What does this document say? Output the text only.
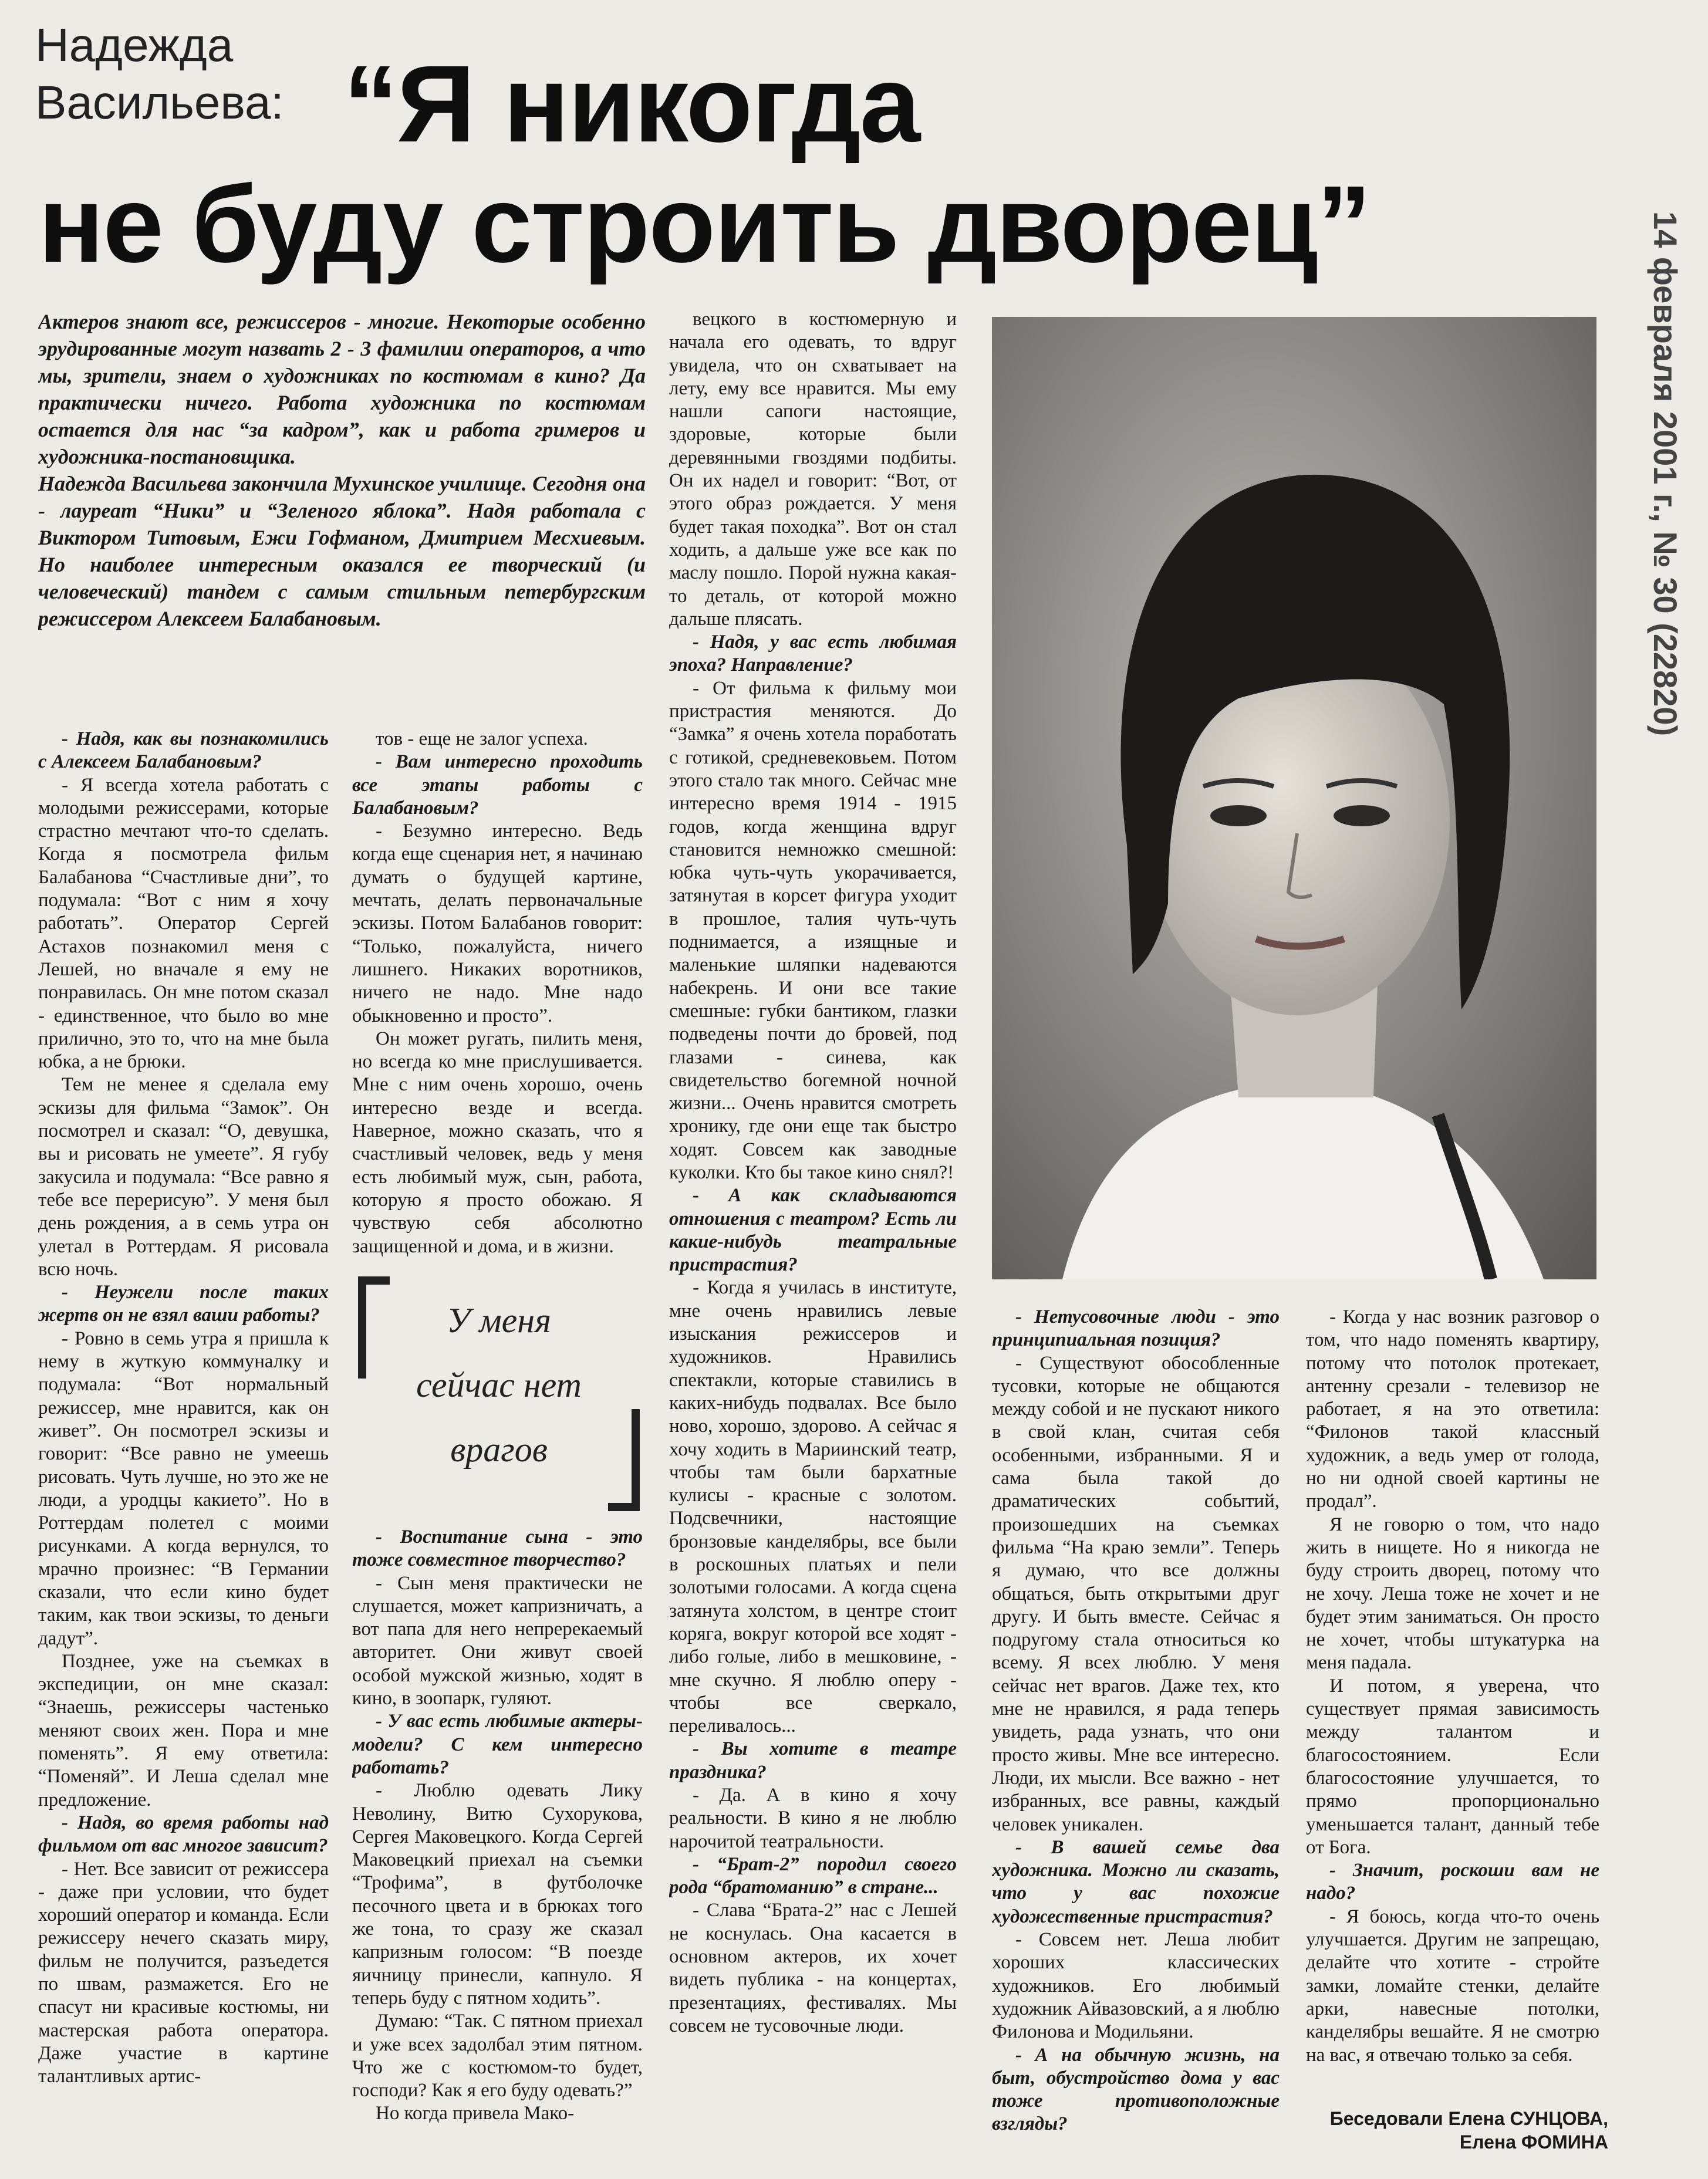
Надежда Васильева: “Я никогда
не буду строить дворец”	14 февраля 2001 г., № 30 (22820)

Актеров знают все, режиссеров - многие. Некоторые особенно эрудированные могут назвать 2 - 3 фамилии операторов, а что мы, зрители, знаем о художниках по костюмам в кино? Да практически ничего. Работа художника по костюмам остается для нас “за кадром”, как и работа гримеров и художника-постановщика.

Надежда Васильева закончила Мухинское училище. Сегодня она - лауреат “Ники” и “Зеленого яблока”. Надя работала с Виктором Титовым, Ежи Гофманом, Дмитрием Месхиевым. Но наиболее интересным оказался ее творческий (и человеческий) тандем с самым стильным петербургским режиссером Алексеем Балабановым.

- Надя, как вы познакомились с Алексеем Балабановым?

- Я всегда хотела работать с молодыми режиссерами, которые страстно мечтают что-то сделать. Когда я посмотрела фильм Балабанова “Счастливые дни”, то подумала: “Вот с ним я хочу работать”. Оператор Сергей Астахов познакомил меня с Лешей, но вначале я ему не понравилась. Он мне потом сказал - единственное, что было во мне прилично, это то, что на мне была юбка, а не брюки.

Тем не менее я сделала ему эскизы для фильма “Замок”. Он посмотрел и сказал: “О, девушка, вы и рисовать не умеете”. Я губу закусила и подумала: “Все равно я тебе все перерисую”. У меня был день рождения, а в семь утра он улетал в Роттердам. Я рисовала всю ночь.

- Неужели после таких жертв он не взял ваши работы?

- Ровно в семь утра я пришла к нему в жуткую коммуналку и подумала: “Вот нормальный режиссер, мне нравится, как он живет”. Он посмотрел эскизы и говорит: “Все равно не умеешь рисовать. Чуть лучше, но это же не люди, а уродцы какието”. Но в Роттердам полетел с моими рисунками. А когда вернулся, то мрачно произнес: “В Германии сказали, что если кино будет таким, как твои эскизы, то деньги дадут”.

Позднее, уже на съемках в экспедиции, он мне сказал: “Знаешь, режиссеры частенько меняют своих жен. Пора и мне поменять”. Я ему ответила: “Поменяй”. И Леша сделал мне предложение.

- Надя, во время работы над фильмом от вас многое зависит?

- Нет. Все зависит от режиссера - даже при условии, что будет хороший оператор и команда. Если режиссеру нечего сказать миру, фильм не получится, разъедется по швам, размажется. Его не спасут ни красивые костюмы, ни мастерская работа оператора. Даже участие в картине талантливых артис-

тов - еще не залог успеха.

- Вам интересно проходить все этапы работы с Балабановым?

- Безумно интересно. Ведь когда еще сценария нет, я начинаю думать о будущей картине, мечтать, делать первоначальные эскизы. Потом Балабанов говорит: “Только, пожалуйста, ничего лишнего. Никаких воротников, ничего не надо. Мне надо обыкновенно и просто”.

Он может ругать, пилить меня, но всегда ко мне прислушивается. Мне с ним очень хорошо, очень интересно везде и всегда. Наверное, можно сказать, что я счастливый человек, ведь у меня есть любимый муж, сын, работа, которую я просто обожаю. Я чувствую себя абсолютно защищенной и дома, и в жизни.

У меня
сейчас нет
врагов

- Воспитание сына - это тоже совместное творчество?

- Сын меня практически не слушается, может капризничать, а вот папа для него непререкаемый авторитет. Они живут своей особой мужской жизнью, ходят в кино, в зоопарк, гуляют.

- У вас есть любимые актеры-модели? С кем интересно работать?

- Люблю одевать Лику Неволину, Витю Сухорукова, Сергея Маковецкого. Когда Сергей Маковецкий приехал на съемки “Трофима”, в футболочке песочного цвета и в брюках того же тона, то сразу же сказал капризным голосом: “В поезде яичницу принесли, капнуло. Я теперь буду с пятном ходить”.

Думаю: “Так. С пятном приехал и уже всех задолбал этим пятном. Что же с костюмом-то будет, господи? Как я его буду одевать?”

Но когда привела Мако-

вецкого в костюмерную и начала его одевать, то вдруг увидела, что он схватывает на лету, ему все нравится. Мы ему нашли сапоги настоящие, здоровые, которые были деревянными гвоздями подбиты. Он их надел и говорит: “Вот, от этого образ рождается. У меня будет такая походка”. Вот он стал ходить, а дальше уже все как по маслу пошло. Порой нужна какая-то деталь, от которой можно дальше плясать.

- Надя, у вас есть любимая эпоха? Направление?

- От фильма к фильму мои пристрастия меняются. До “Замка” я очень хотела поработать с готикой, средневековьем. Потом этого стало так много. Сейчас мне интересно время 1914 - 1915 годов, когда женщина вдруг становится немножко смешной: юбка чуть-чуть укорачивается, затянутая в корсет фигура уходит в прошлое, талия чуть-чуть поднимается, а изящные и маленькие шляпки надеваются набекрень. И они все такие смешные: губки бантиком, глазки подведены почти до бровей, под глазами - синева, как свидетельство богемной ночной жизни... Очень нравится смотреть хронику, где они еще так быстро ходят. Совсем как заводные куколки. Кто бы такое кино снял?!

- А как складываются отношения с театром? Есть ли какие-нибудь театральные пристрастия?

- Когда я училась в институте, мне очень нравились левые изыскания режиссеров и художников. Нравились спектакли, которые ставились в каких-нибудь подвалах. Все было ново, хорошо, здорово. А сейчас я хочу ходить в Мариинский театр, чтобы там были бархатные кулисы - красные с золотом. Подсвечники, настоящие бронзовые канделябры, все были в роскошных платьях и пели золотыми голосами. А когда сцена затянута холстом, в центре стоит коряга, вокруг которой все ходят - либо голые, либо в мешковине, - мне скучно. Я люблю оперу - чтобы все сверкало, переливалось...

- Вы хотите в театре праздника?

- Да. А в кино я хочу реальности. В кино я не люблю нарочитой театральности.

- “Брат-2” породил своего рода “братоманию” в стране...

- Слава “Брата-2” нас с Лешей не коснулась. Она касается в основном актеров, их хочет видеть публика - на концертах, презентациях, фестивалях. Мы совсем не тусовочные люди.

- Нетусовочные люди - это принципиальная позиция?

- Существуют обособленные тусовки, которые не общаются между собой и не пускают никого в свой клан, считая себя особенными, избранными. Я и сама была такой до драматических событий, произошедших на съемках фильма “На краю земли”. Теперь я думаю, что все должны общаться, быть открытыми друг другу. И быть вместе. Сейчас я подругому стала относиться ко всему. Я всех люблю. У меня сейчас нет врагов. Даже тех, кто мне не нравился, я рада теперь увидеть, рада узнать, что они просто живы. Мне все интересно. Люди, их мысли. Все важно - нет избранных, все равны, каждый человек уникален.

- В вашей семье два художника. Можно ли сказать, что у вас похожие художественные пристрастия?

- Совсем нет. Леша любит хороших классических художников. Его любимый художник Айвазовский, а я люблю Филонова и Модильяни.

- А на обычную жизнь, на быт, обустройство дома у вас тоже противоположные взгляды?

- Когда у нас возник разговор о том, что надо поменять квартиру, потому что потолок протекает, антенну срезали - телевизор не работает, я на это ответила: “Филонов такой классный художник, а ведь умер от голода, но ни одной своей картины не продал”.

Я не говорю о том, что надо жить в нищете. Но я никогда не буду строить дворец, потому что не хочу. Леша тоже не хочет и не будет этим заниматься. Он просто не хочет, чтобы штукатурка на меня падала.

И потом, я уверена, что существует прямая зависимость между талантом и благосостоянием. Если благосостояние улучшается, то прямо пропорционально уменьшается талант, данный тебе от Бога.

- Значит, роскоши вам не надо?

- Я боюсь, когда что-то очень улучшается. Другим не запрещаю, делайте что хотите - стройте замки, ломайте стенки, делайте арки, навесные потолки, канделябры вешайте. Я не смотрю на вас, я отвечаю только за себя.

Беседовали Елена СУНЦОВА,
Елена ФОМИНА
